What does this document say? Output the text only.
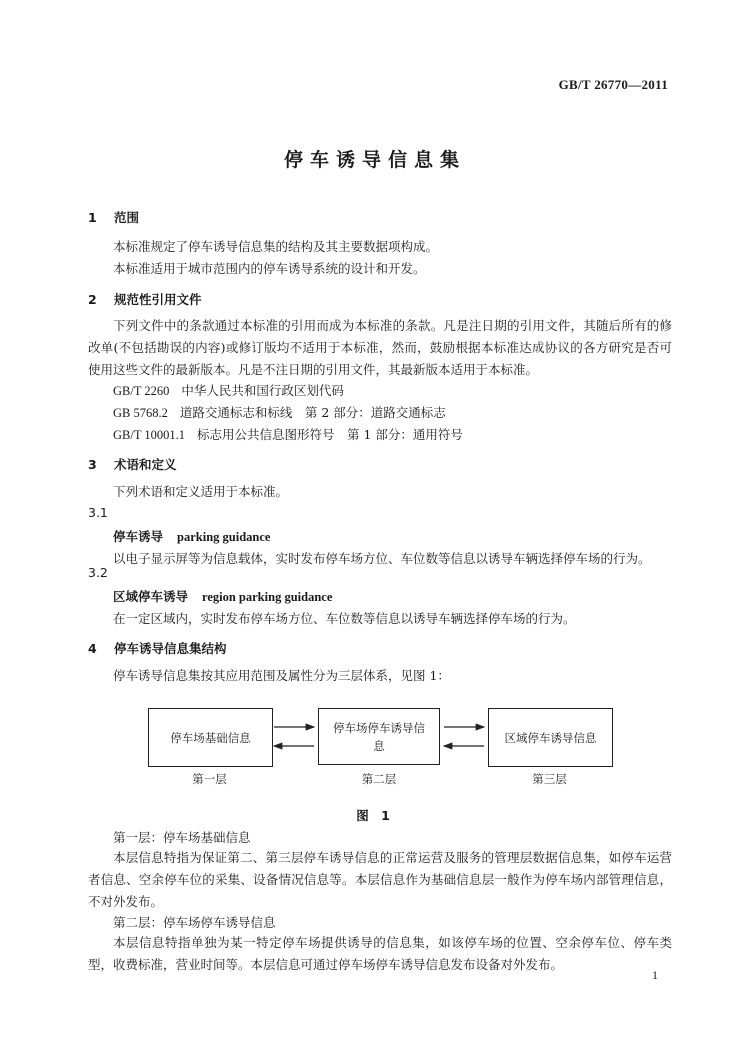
GB/T 26770—2011
停车诱导信息集
1 范围
本标准规定了停车诱导信息集的结构及其主要数据项构成。
本标准适用于城市范围内的停车诱导系统的设计和开发。
2 规范性引用文件
下列文件中的条款通过本标准的引用而成为本标准的条款。凡是注日期的引用文件，其随后所有的修改单(不包括勘误的内容)或修订版均不适用于本标准，然而，鼓励根据本标准达成协议的各方研究是否可使用这些文件的最新版本。凡是不注日期的引用文件，其最新版本适用于本标准。
GB/T 2260 中华人民共和国行政区划代码
GB 5768.2 道路交通标志和标线　第 2 部分：道路交通标志
GB/T 10001.1 标志用公共信息图形符号　第 1 部分：通用符号
3 术语和定义
下列术语和定义适用于本标准。
3.1
停车诱导 parking guidance
以电子显示屏等为信息载体，实时发布停车场方位、车位数等信息以诱导车辆选择停车场的行为。
3.2
区域停车诱导 region parking guidance
在一定区域内，实时发布停车场方位、车位数等信息以诱导车辆选择停车场的行为。
4 停车诱导信息集结构
停车诱导信息集按其应用范围及属性分为三层体系，见图 1：
停车场基础信息
停车场停车诱导信息
区域停车诱导信息
第一层	第二层	第三层
图 1
第一层：停车场基础信息
本层信息特指为保证第二、第三层停车诱导信息的正常运营及服务的管理层数据信息集，如停车运营者信息、空余停车位的采集、设备情况信息等。本层信息作为基础信息层一般作为停车场内部管理信息，不对外发布。
第二层：停车场停车诱导信息
本层信息特指单独为某一特定停车场提供诱导的信息集，如该停车场的位置、空余停车位、停车类型，收费标准，营业时间等。本层信息可通过停车场停车诱导信息发布设备对外发布。
1
